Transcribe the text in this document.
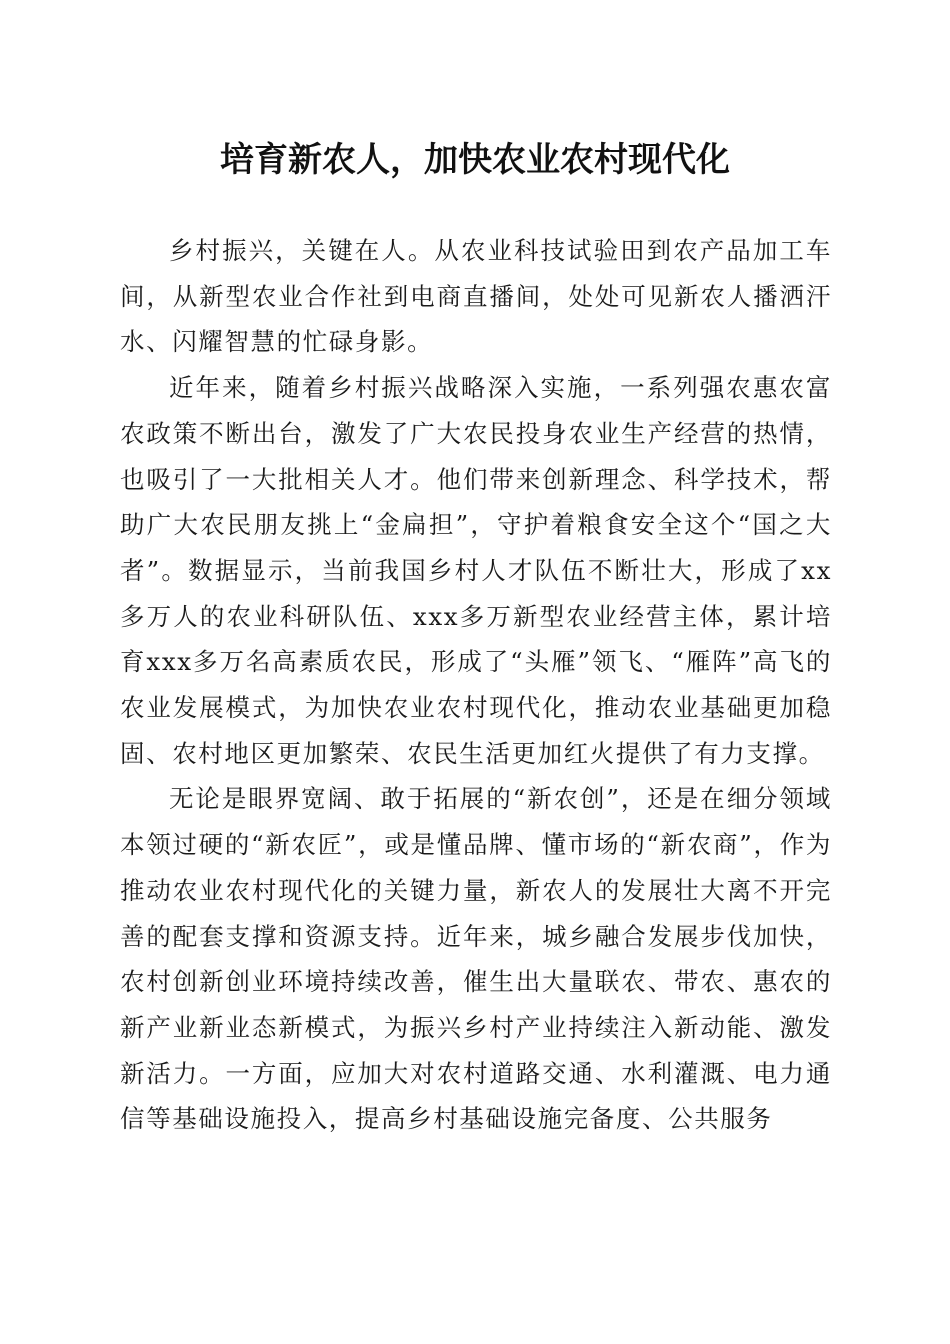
培育新农人，加快农业农村现代化

乡村振兴，关键在人。从农业科技试验田到农产品加工车间，从新型农业合作社到电商直播间，处处可见新农人播洒汗水、闪耀智慧的忙碌身影。

近年来，随着乡村振兴战略深入实施，一系列强农惠农富农政策不断出台，激发了广大农民投身农业生产经营的热情，也吸引了一大批相关人才。他们带来创新理念、科学技术，帮助广大农民朋友挑上“金扁担”，守护着粮食安全这个“国之大者”。数据显示，当前我国乡村人才队伍不断壮大，形成了xx多万人的农业科研队伍、xxx多万新型农业经营主体，累计培育xxx多万名高素质农民，形成了“头雁”领飞、“雁阵”高飞的农业发展模式，为加快农业农村现代化，推动农业基础更加稳固、农村地区更加繁荣、农民生活更加红火提供了有力支撑。

无论是眼界宽阔、敢于拓展的“新农创”，还是在细分领域本领过硬的“新农匠”，或是懂品牌、懂市场的“新农商”，作为推动农业农村现代化的关键力量，新农人的发展壮大离不开完善的配套支撑和资源支持。近年来，城乡融合发展步伐加快，农村创新创业环境持续改善，催生出大量联农、带农、惠农的新产业新业态新模式，为振兴乡村产业持续注入新动能、激发新活力。一方面，应加大对农村道路交通、水利灌溉、电力通信等基础设施投入，提高乡村基础设施完备度、公共服务
